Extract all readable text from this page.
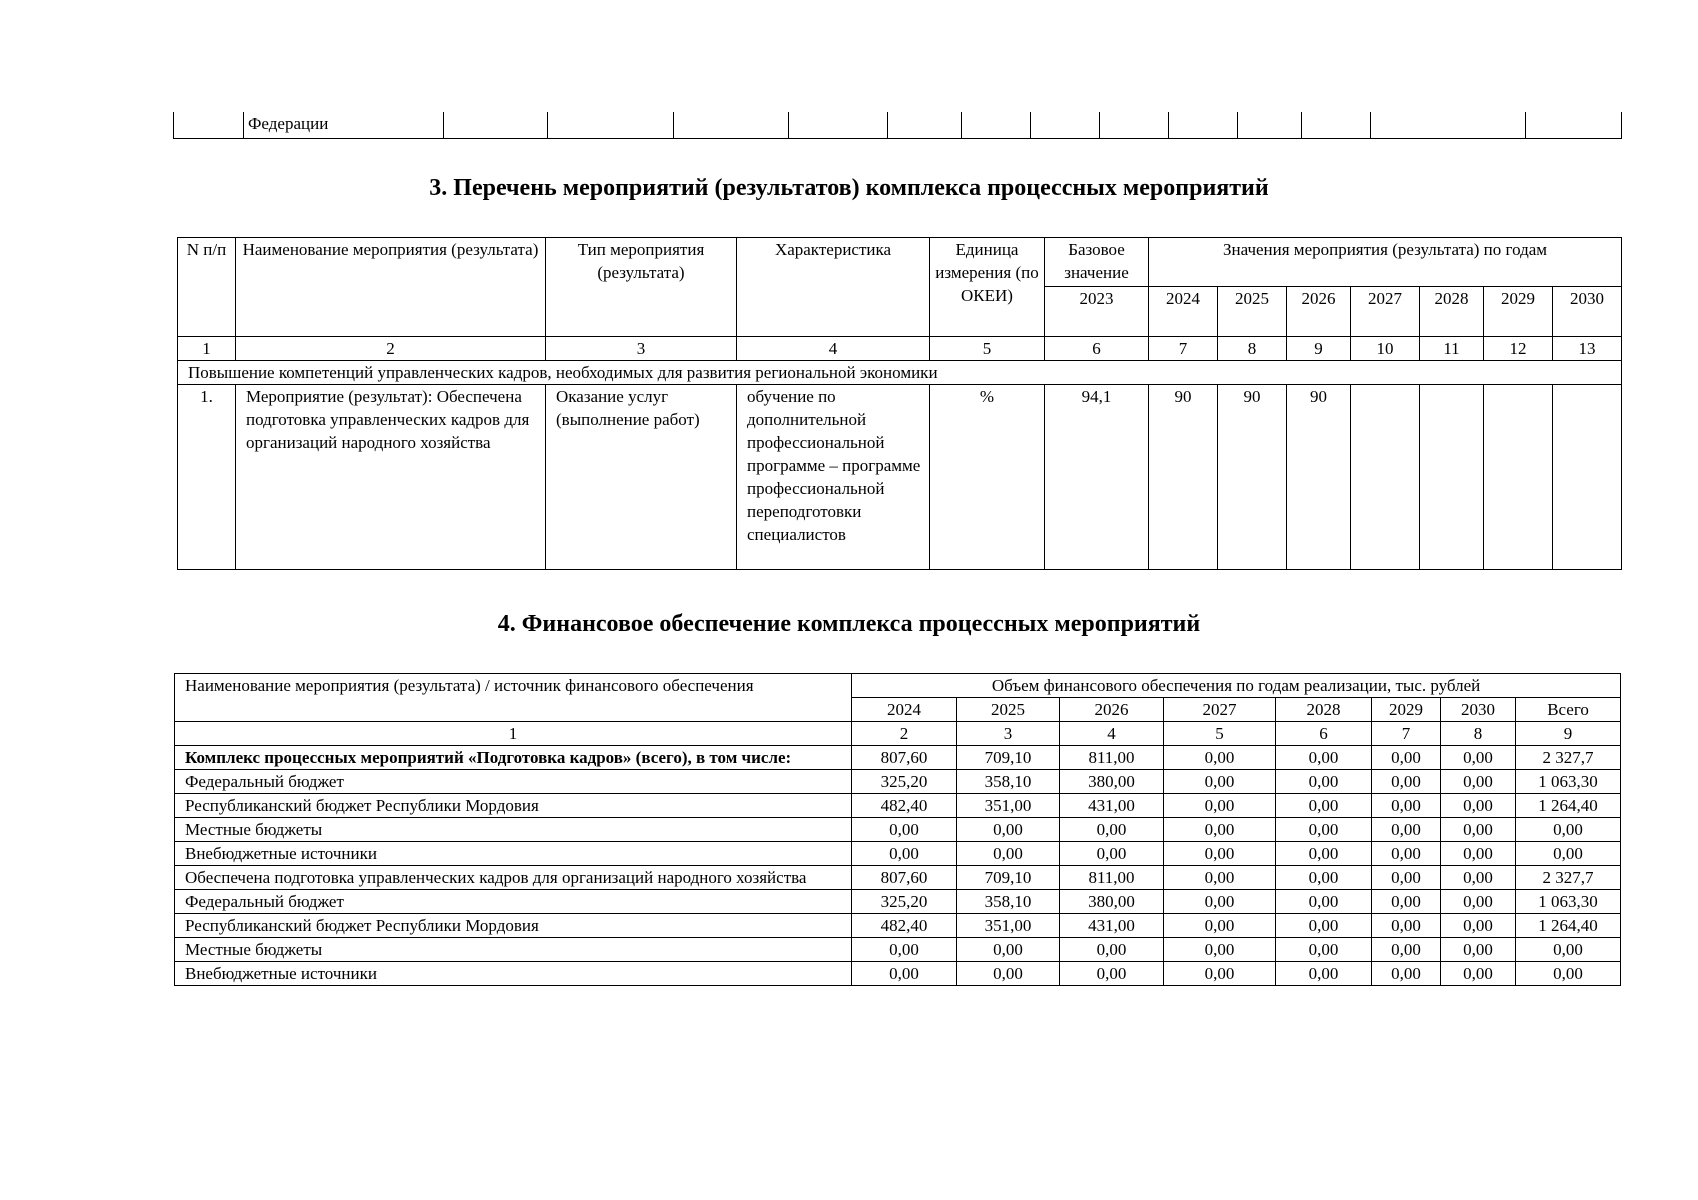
	Федерации													
3. Перечень мероприятий (результатов) комплекса процессных мероприятий
N п/п	Наименование мероприятия (результата)	Тип мероприятия (результата)	Характеристика	Единица измерения (по ОКЕИ)	Базовое значение	Значения мероприятия (результата) по годам						
					2023	2024	2025	2026	2027	2028	2029	2030
1	2	3	4	5	6	7	8	9	10	11	12	13
Повышение компетенций управленческих кадров, необходимых для развития региональной экономики												
1.	Мероприятие (результат): Обеспечена подготовка управленческих кадров для организаций народного хозяйства	Оказание услуг (выполнение работ)	обучение по дополнительной профессиональной программе – программе профессиональной переподготовки специалистов	%	94,1	90	90	90				
4. Финансовое обеспечение комплекса процессных мероприятий
Наименование мероприятия (результата) / источник финансового обеспечения	Объем финансового обеспечения по годам реализации, тыс. рублей							
	2024	2025	2026	2027	2028	2029	2030	Всего
1	2	3	4	5	6	7	8	9
Комплекс процессных мероприятий «Подготовка кадров» (всего), в том числе:	807,60	709,10	811,00	0,00	0,00	0,00	0,00	2 327,7
Федеральный бюджет	325,20	358,10	380,00	0,00	0,00	0,00	0,00	1 063,30
Республиканский бюджет Республики Мордовия	482,40	351,00	431,00	0,00	0,00	0,00	0,00	1 264,40
Местные бюджеты	0,00	0,00	0,00	0,00	0,00	0,00	0,00	0,00
Внебюджетные источники	0,00	0,00	0,00	0,00	0,00	0,00	0,00	0,00
Обеспечена подготовка управленческих кадров для организаций народного хозяйства	807,60	709,10	811,00	0,00	0,00	0,00	0,00	2 327,7
Федеральный бюджет	325,20	358,10	380,00	0,00	0,00	0,00	0,00	1 063,30
Республиканский бюджет Республики Мордовия	482,40	351,00	431,00	0,00	0,00	0,00	0,00	1 264,40
Местные бюджеты	0,00	0,00	0,00	0,00	0,00	0,00	0,00	0,00
Внебюджетные источники	0,00	0,00	0,00	0,00	0,00	0,00	0,00	0,00
